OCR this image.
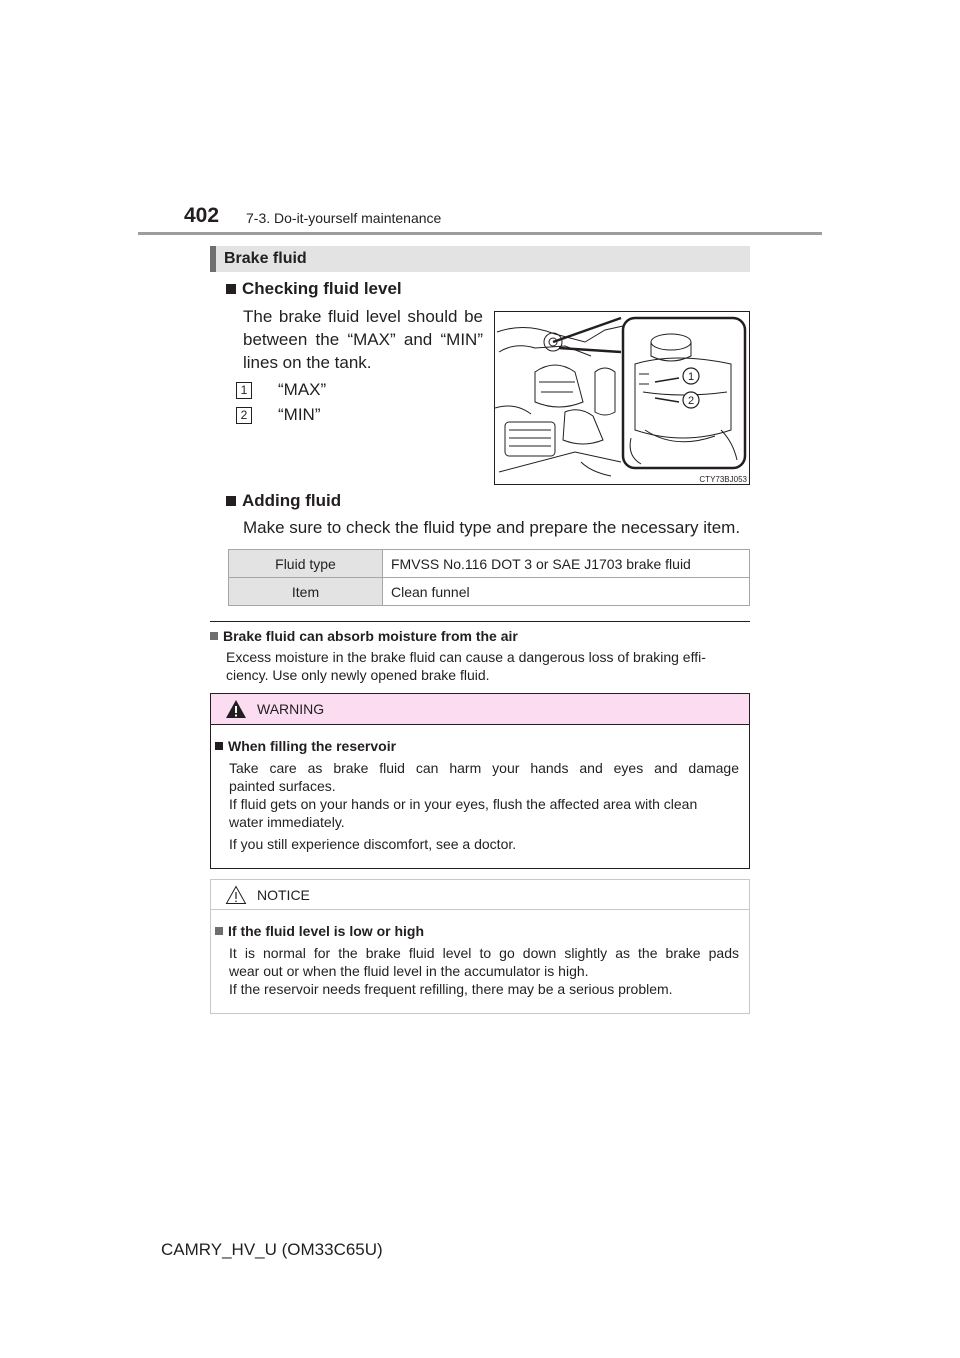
402 7-3. Do-it-yourself maintenance
Brake fluid
Checking fluid level
The brake fluid level should be
between the “MAX” and “MIN”
lines on the tank.
1 “MAX”
2 “MIN”
1
2
CTY73BJ053
Adding fluid
Make sure to check the fluid type and prepare the necessary item.
Fluid type	FMVSS No.116 DOT 3 or SAE J1703 brake fluid
Item	Clean funnel
Brake fluid can absorb moisture from the air
Excess moisture in the brake fluid can cause a dangerous loss of braking effi-
ciency. Use only newly opened brake fluid.
WARNING
When filling the reservoir
Take care as brake fluid can harm your hands and eyes and damage
painted surfaces.
If fluid gets on your hands or in your eyes, flush the affected area with clean
water immediately.
If you still experience discomfort, see a doctor.
NOTICE
If the fluid level is low or high
It is normal for the brake fluid level to go down slightly as the brake pads
wear out or when the fluid level in the accumulator is high.
If the reservoir needs frequent refilling, there may be a serious problem.
CAMRY_HV_U (OM33C65U)
